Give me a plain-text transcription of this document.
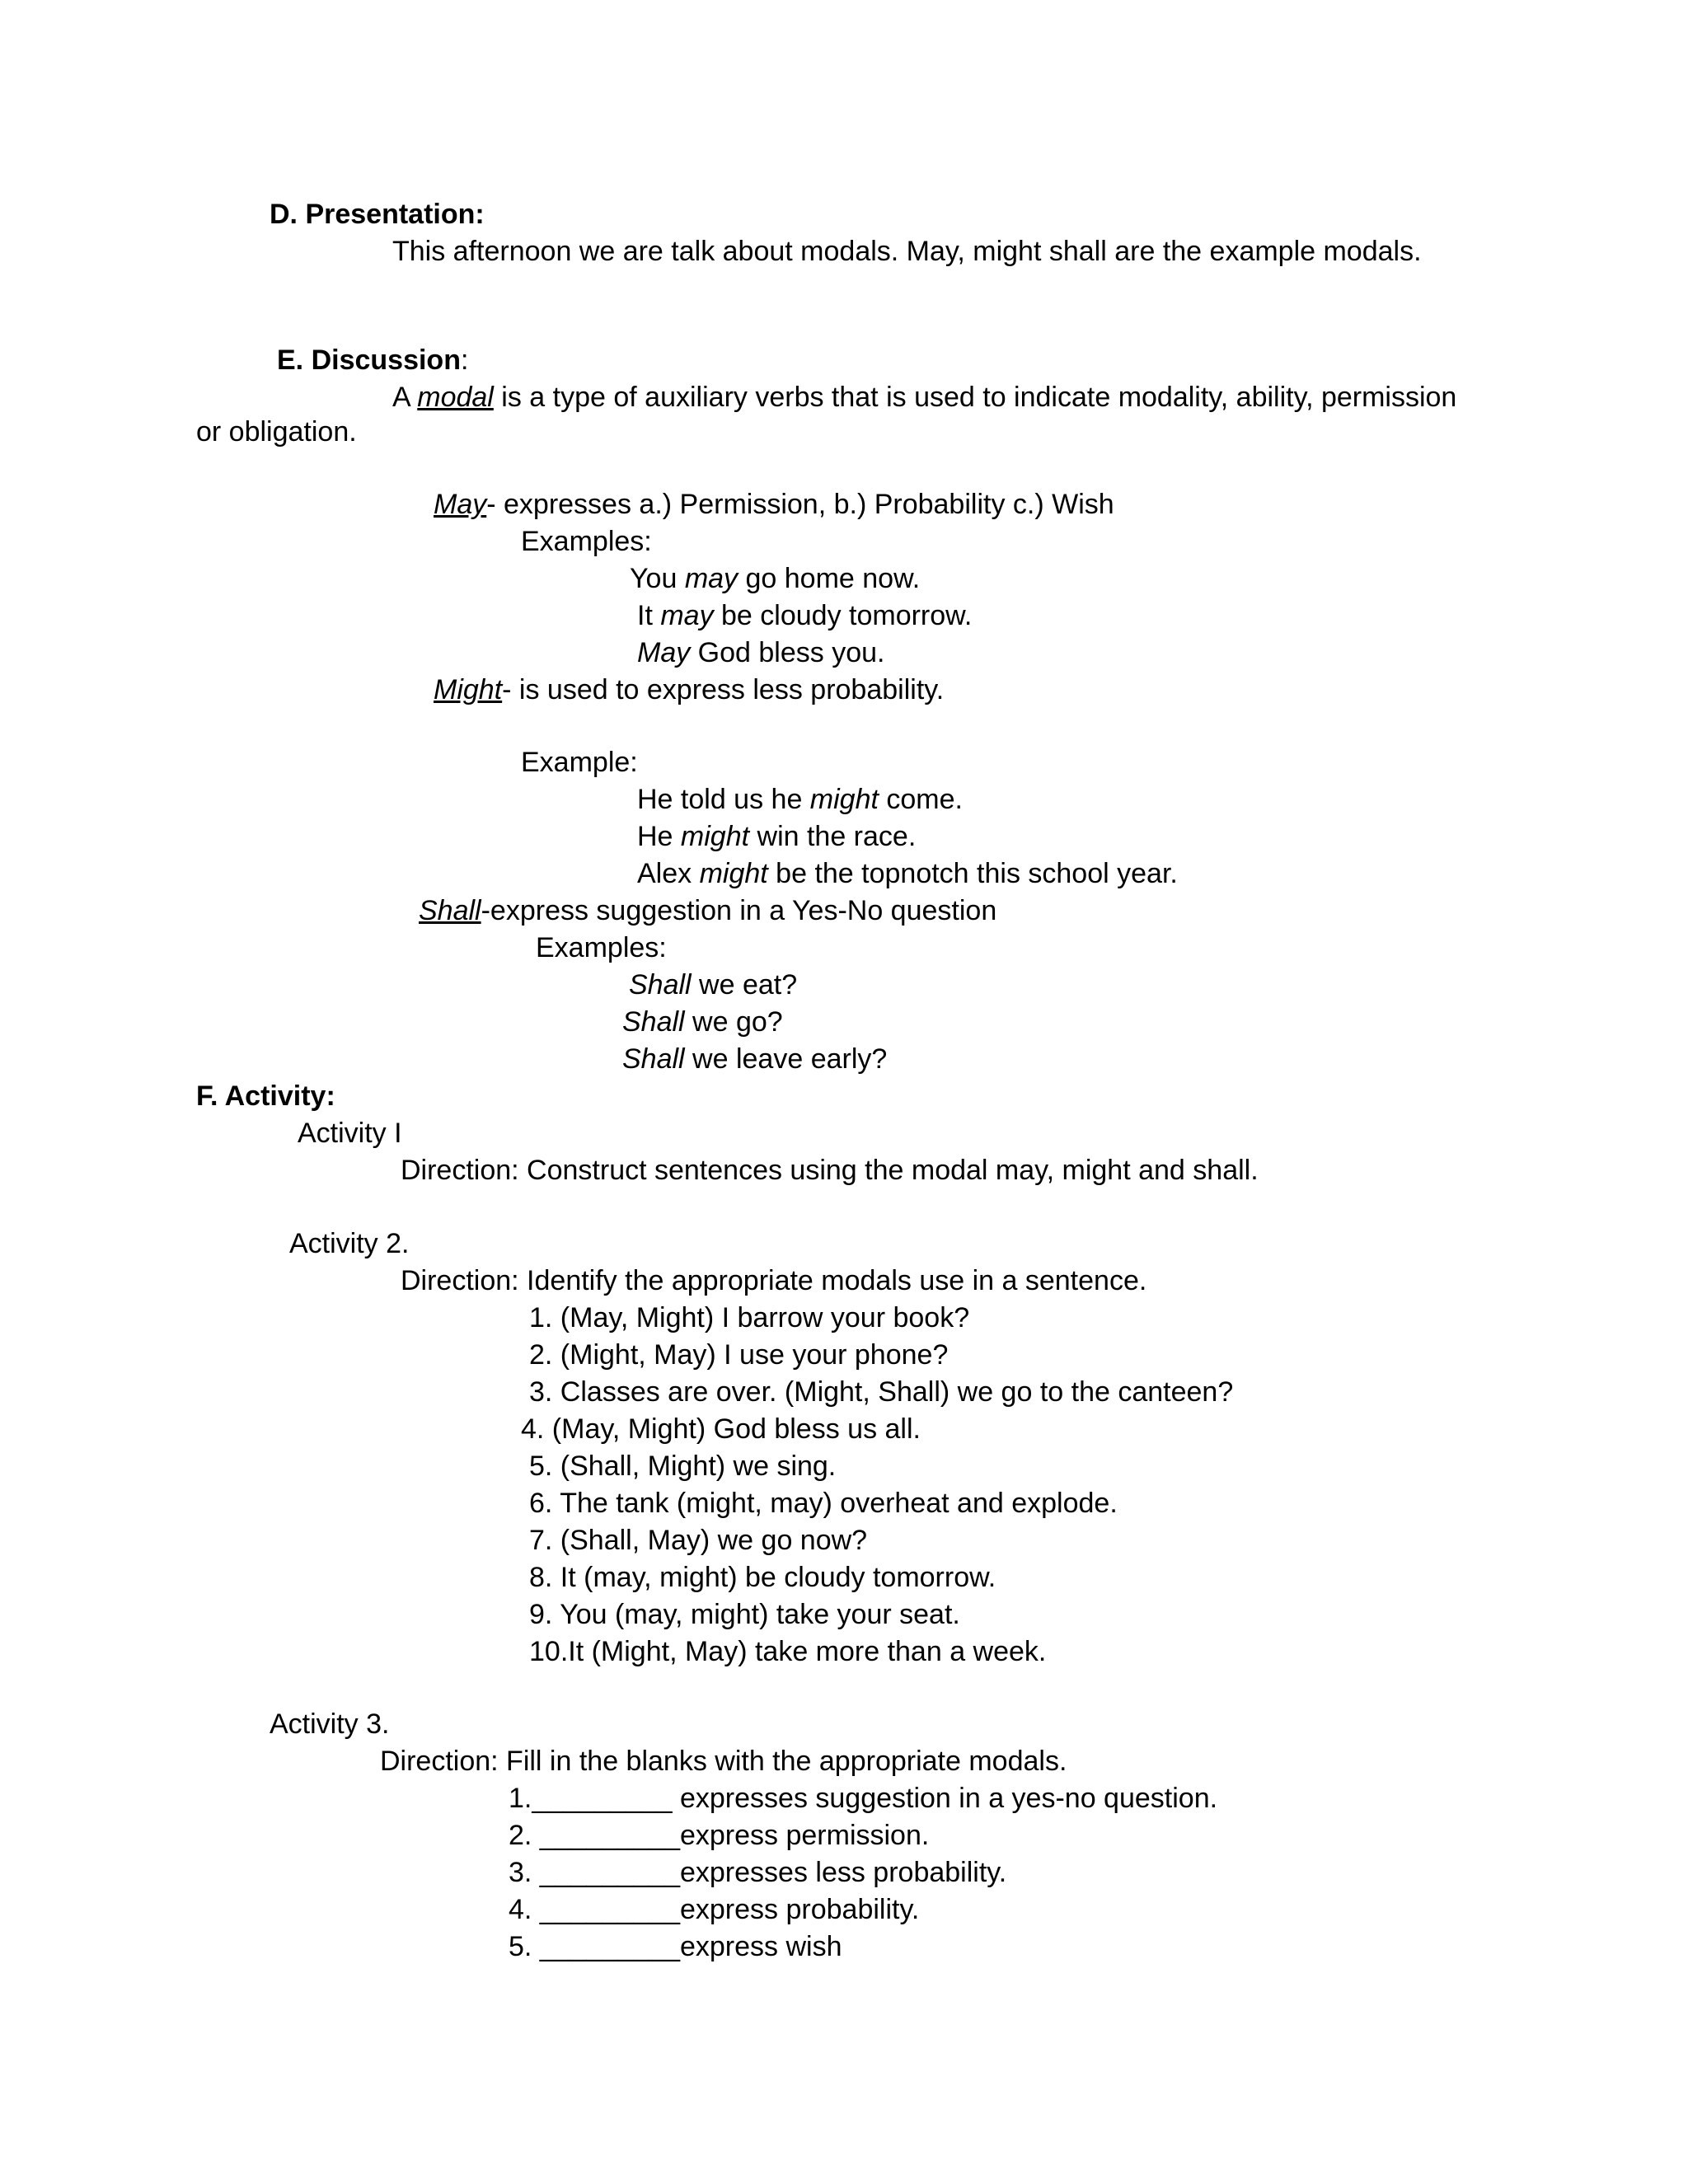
D. Presentation:
This afternoon we are talk about modals. May, might shall are the example modals.
E. Discussion:
A modal is a type of auxiliary verbs that is used to indicate modality, ability, permission
or obligation.
May- expresses a.) Permission, b.) Probability c.) Wish
Examples:
You may go home now.
It may be cloudy tomorrow.
May God bless you.
Might- is used to express less probability.
Example:
He told us he might come.
He might win the race.
Alex might be the topnotch this school year.
Shall-express suggestion in a Yes-No question
Examples:
Shall we eat?
Shall we go?
Shall we leave early?
F. Activity:
Activity I
Direction: Construct sentences using the modal may, might and shall.
Activity 2.
Direction: Identify the appropriate modals use in a sentence.
1. (May, Might) I barrow your book?
2. (Might, May) I use your phone?
3. Classes are over. (Might, Shall) we go to the canteen?
4. (May, Might) God bless us all.
5. (Shall, Might) we sing.
6. The tank (might, may) overheat and explode.
7. (Shall, May) we go now?
8. It (may, might) be cloudy tomorrow.
9. You (may, might) take your seat.
10.It (Might, May) take more than a week.
Activity 3.
Direction: Fill in the blanks with the appropriate modals.
1._________ expresses suggestion in a yes-no question.
2. _________express permission.
3. _________expresses less probability.
4. _________express probability.
5. _________express wish
